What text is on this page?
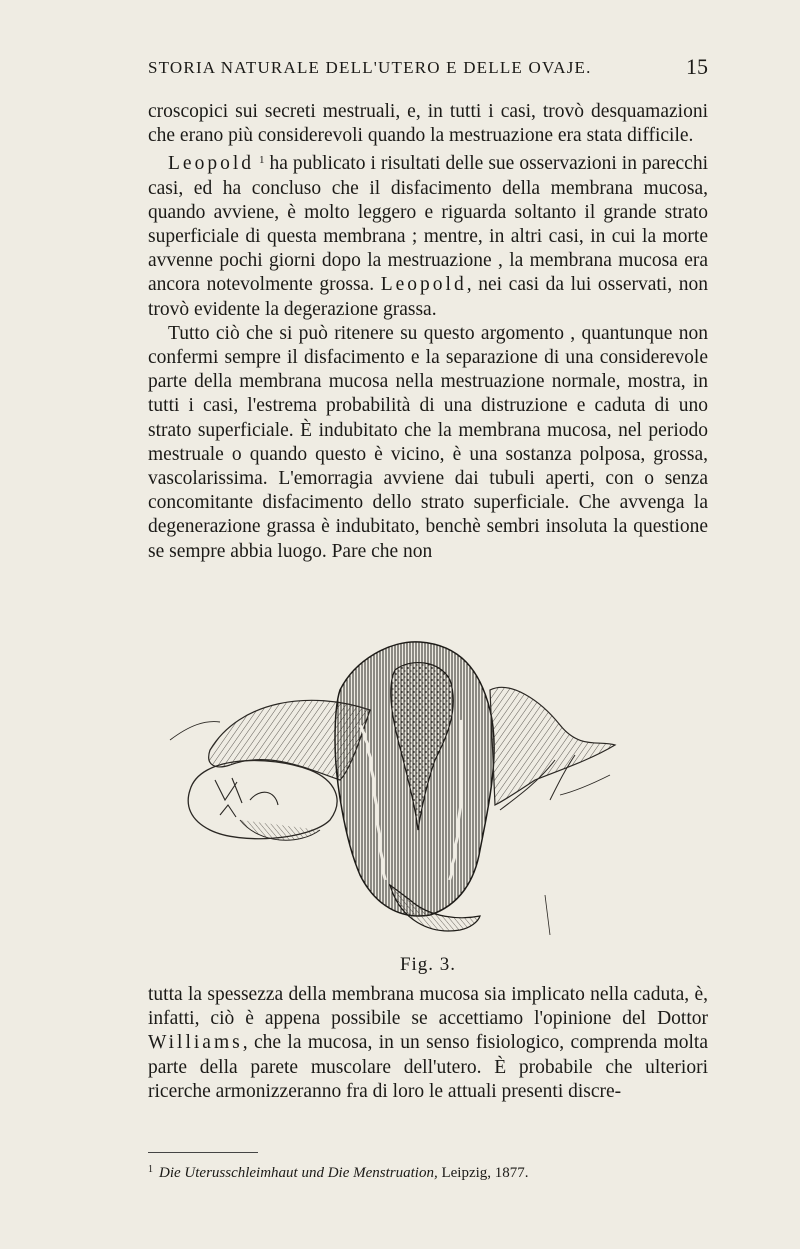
STORIA NATURALE DELL'UTERO E DELLE OVAJE.	15

croscopici sui secreti mestruali, e, in tutti i casi, trovò desquamazioni che erano più considerevoli quando la mestruazione era stata difficile.

Leopold $^1$ ha publicato i risultati delle sue osservazioni in parecchi casi, ed ha concluso che il disfacimento della membrana mucosa, quando avviene, è molto leggero e riguarda soltanto il grande strato superficiale di questa membrana ; mentre, in altri casi, in cui la morte avvenne pochi giorni dopo la mestruazione , la membrana mucosa era ancora notevolmente grossa. Leopold, nei casi da lui osservati, non trovò evidente la degerazione grassa.

Tutto ciò che si può ritenere su questo argomento , quantunque non confermi sempre il disfacimento e la separazione di una considerevole parte della membrana mucosa nella mestruazione normale, mostra, in tutti i casi, l'estrema probabilità di una distruzione e caduta di uno strato superficiale. È indubitato che la membrana mucosa, nel periodo mestruale o quando questo è vicino, è una sostanza polposa, grossa, vascolarissima. L'emorragia avviene dai tubuli aperti, con o senza concomitante disfacimento dello strato superficiale. Che avvenga la degenerazione grassa è indubitato, benchè sembri insoluta la questione se sempre abbia luogo. Pare che non

Fig. 3.

tutta la spessezza della membrana mucosa sia implicato nella caduta, è, infatti, ciò è appena possibile se accettiamo l'opinione del Dottor Williams, che la mucosa, in un senso fisiologico, comprenda molta parte della parete muscolare dell'utero. È probabile che ulteriori ricerche armonizzeranno fra di loro le attuali presenti discre-

$^1$ Die Uterusschleimhaut und Die Menstruation, Leipzig, 1877.
